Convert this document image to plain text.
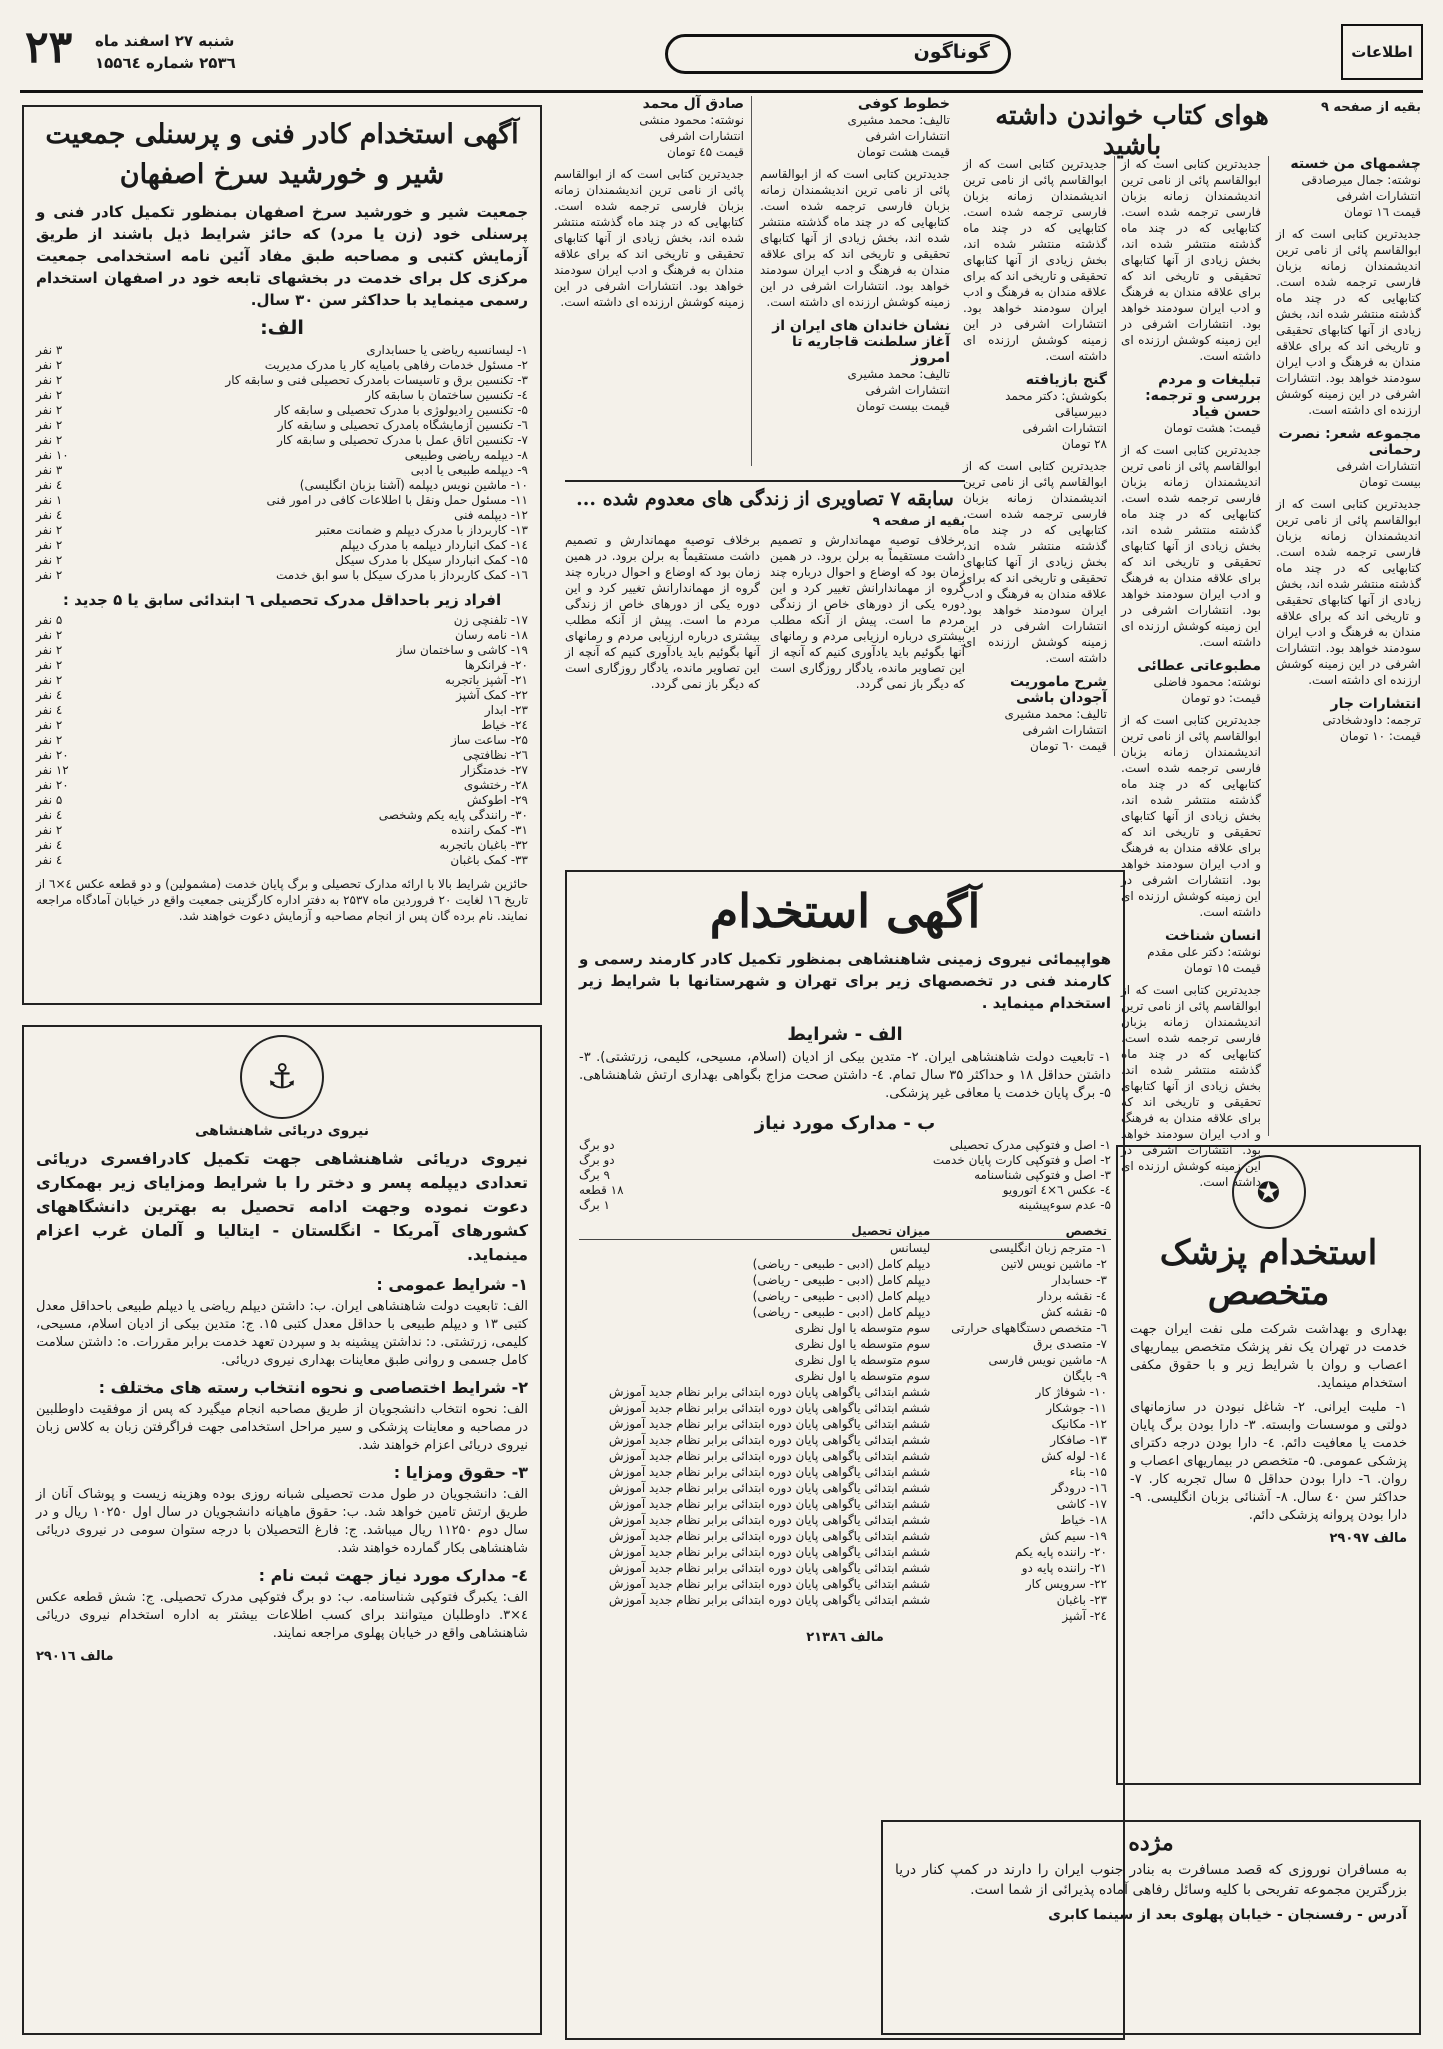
۲۳ شنبه ۲۷ اسفند ماه
۲۵۳٦ شماره ۱۵۵٦٤	گوناگون	اطلاعات
بقیه از صفحه ۹
هوای کتاب خواندن داشته باشید
چشمهای من خسته
نوشته: جمال میرصادقی
انتشارات اشرفی
قیمت ۱٦ تومان
جدیدترین کتابی است که از ابوالقاسم پائی از نامی ترین اندیشمندان زمانه بزبان فارسی ترجمه شده است. کتابهایی که در چند ماه گذشته منتشر شده اند، بخش زیادی از آنها کتابهای تحقیقی و تاریخی اند که برای علاقه مندان به فرهنگ و ادب ایران سودمند خواهد بود. انتشارات اشرفی در این زمینه کوشش ارزنده ای داشته است.
مجموعه شعر: نصرت رحمانی
انتشارات اشرفی
بیست تومان
جدیدترین کتابی است که از ابوالقاسم پائی از نامی ترین اندیشمندان زمانه بزبان فارسی ترجمه شده است. کتابهایی که در چند ماه گذشته منتشر شده اند، بخش زیادی از آنها کتابهای تحقیقی و تاریخی اند که برای علاقه مندان به فرهنگ و ادب ایران سودمند خواهد بود. انتشارات اشرفی در این زمینه کوشش ارزنده ای داشته است.
انتشارات جار
ترجمه: داودشخادتی
قیمت: ۱۰ تومان
جدیدترین کتابی است که از ابوالقاسم پائی از نامی ترین اندیشمندان زمانه بزبان فارسی ترجمه شده است. کتابهایی که در چند ماه گذشته منتشر شده اند، بخش زیادی از آنها کتابهای تحقیقی و تاریخی اند که برای علاقه مندان به فرهنگ و ادب ایران سودمند خواهد بود. انتشارات اشرفی در این زمینه کوشش ارزنده ای داشته است.
تبلیغات و مردم بررسی و ترجمه: حسن فیاد
قیمت: هشت تومان
جدیدترین کتابی است که از ابوالقاسم پائی از نامی ترین اندیشمندان زمانه بزبان فارسی ترجمه شده است. کتابهایی که در چند ماه گذشته منتشر شده اند، بخش زیادی از آنها کتابهای تحقیقی و تاریخی اند که برای علاقه مندان به فرهنگ و ادب ایران سودمند خواهد بود. انتشارات اشرفی در این زمینه کوشش ارزنده ای داشته است.
مطبوعاتی عطائی
نوشته: محمود فاضلی
قیمت: دو تومان
جدیدترین کتابی است که از ابوالقاسم پائی از نامی ترین اندیشمندان زمانه بزبان فارسی ترجمه شده است. کتابهایی که در چند ماه گذشته منتشر شده اند، بخش زیادی از آنها کتابهای تحقیقی و تاریخی اند که برای علاقه مندان به فرهنگ و ادب ایران سودمند خواهد بود. انتشارات اشرفی در این زمینه کوشش ارزنده ای داشته است.
انسان شناخت
نوشته: دکتر علی مقدم
قیمت ۱۵ تومان
جدیدترین کتابی است که از ابوالقاسم پائی از نامی ترین اندیشمندان زمانه بزبان فارسی ترجمه شده است. کتابهایی که در چند ماه گذشته منتشر شده اند، بخش زیادی از آنها کتابهای تحقیقی و تاریخی اند که برای علاقه مندان به فرهنگ و ادب ایران سودمند خواهد بود. انتشارات اشرفی در این زمینه کوشش ارزنده ای داشته است.
جدیدترین کتابی است که از ابوالقاسم پائی از نامی ترین اندیشمندان زمانه بزبان فارسی ترجمه شده است. کتابهایی که در چند ماه گذشته منتشر شده اند، بخش زیادی از آنها کتابهای تحقیقی و تاریخی اند که برای علاقه مندان به فرهنگ و ادب ایران سودمند خواهد بود. انتشارات اشرفی در این زمینه کوشش ارزنده ای داشته است.
گنج بازیافته
بکوشش: دکتر محمد دبیرسیاقی
انتشارات اشرفی
۲۸ تومان
جدیدترین کتابی است که از ابوالقاسم پائی از نامی ترین اندیشمندان زمانه بزبان فارسی ترجمه شده است. کتابهایی که در چند ماه گذشته منتشر شده اند، بخش زیادی از آنها کتابهای تحقیقی و تاریخی اند که برای علاقه مندان به فرهنگ و ادب ایران سودمند خواهد بود. انتشارات اشرفی در این زمینه کوشش ارزنده ای داشته است.
شرح ماموریت آجودان باشی
تالیف: محمد مشیری
انتشارات اشرفی
قیمت ٦۰ تومان
خطوط کوفی
تالیف: محمد مشیری
انتشارات اشرفی
قیمت هشت تومان
جدیدترین کتابی است که از ابوالقاسم پائی از نامی ترین اندیشمندان زمانه بزبان فارسی ترجمه شده است. کتابهایی که در چند ماه گذشته منتشر شده اند، بخش زیادی از آنها کتابهای تحقیقی و تاریخی اند که برای علاقه مندان به فرهنگ و ادب ایران سودمند خواهد بود. انتشارات اشرفی در این زمینه کوشش ارزنده ای داشته است.
نشان خاندان های ایران از آغاز سلطنت قاجاریه تا امروز
تالیف: محمد مشیری
انتشارات اشرفی
قیمت بیست تومان
صادق آل محمد
نوشته: محمود منشی
انتشارات اشرفی
قیمت ٤۵ تومان
جدیدترین کتابی است که از ابوالقاسم پائی از نامی ترین اندیشمندان زمانه بزبان فارسی ترجمه شده است. کتابهایی که در چند ماه گذشته منتشر شده اند، بخش زیادی از آنها کتابهای تحقیقی و تاریخی اند که برای علاقه مندان به فرهنگ و ادب ایران سودمند خواهد بود. انتشارات اشرفی در این زمینه کوشش ارزنده ای داشته است.
سابقه ۷ تصاویری از زندگی های معدوم شده ...
بقیه از صفحه ۹
برخلاف توصیه مهماندارش و تصمیم داشت مستقیماً به برلن برود. در همین زمان بود که اوضاع و احوال درباره چند گروه از مهماندارانش تغییر کرد و این دوره یکی از دورهای خاص از زندگی مردم ما است. پیش از آنکه مطلب بیشتری درباره ارزیابی مردم و رمانهای آنها بگوئیم باید یادآوری کنیم که آنچه از این تصاویر مانده، یادگار روزگاری است که دیگر باز نمی گردد.
برخلاف توصیه مهماندارش و تصمیم داشت مستقیماً به برلن برود. در همین زمان بود که اوضاع و احوال درباره چند گروه از مهماندارانش تغییر کرد و این دوره یکی از دورهای خاص از زندگی مردم ما است. پیش از آنکه مطلب بیشتری درباره ارزیابی مردم و رمانهای آنها بگوئیم باید یادآوری کنیم که آنچه از این تصاویر مانده، یادگار روزگاری است که دیگر باز نمی گردد.
آگهی استخدام
هواپیمائی نیروی زمینی شاهنشاهی بمنظور تکمیل کادر کارمند رسمی و کارمند فنی در تخصصهای زیر برای تهران و شهرستانها با شرایط زیر استخدام مینماید .
الف - شرایط
۱- تابعیت دولت شاهنشاهی ایران. ۲- متدین بیکی از ادیان (اسلام، مسیحی، کلیمی، زرتشتی). ۳- داشتن حداقل ۱۸ و حداکثر ۳۵ سال تمام. ٤- داشتن صحت مزاج بگواهی بهداری ارتش شاهنشاهی. ۵- برگ پایان خدمت یا معافی غیر پزشکی.
ب - مدارک مورد نیاز
۱- اصل و فتوکپی مدرک تحصیلی
دو برگ
۲- اصل و فتوکپی کارت پایان خدمت
دو برگ
۳- اصل و فتوکپی شناسنامه
۹ برگ
٤- عکس ٦×٤ اتورویو
۱۸ قطعه
۵- عدم سوءپیشینه
۱ برگ
تخصص	میزان تحصیل
۱- مترجم زبان انگلیسی	لیسانس
۲- ماشین نویس لاتین	دیپلم کامل (ادبی - طبیعی - ریاضی)
۳- حسابدار	دیپلم کامل (ادبی - طبیعی - ریاضی)
٤- نقشه بردار	دیپلم کامل (ادبی - طبیعی - ریاضی)
۵- نقشه کش	دیپلم کامل (ادبی - طبیعی - ریاضی)
٦- متخصص دستگاههای حرارتی	سوم متوسطه یا اول نظری
۷- متصدی برق	سوم متوسطه یا اول نظری
۸- ماشین نویس فارسی	سوم متوسطه یا اول نظری
۹- بایگان	سوم متوسطه یا اول نظری
۱۰- شوفاژ کار	ششم ابتدائی یاگواهی پایان دوره ابتدائی برابر نظام جدید آموزش
۱۱- جوشکار	ششم ابتدائی یاگواهی پایان دوره ابتدائی برابر نظام جدید آموزش
۱۲- مکانیک	ششم ابتدائی یاگواهی پایان دوره ابتدائی برابر نظام جدید آموزش
۱۳- صافکار	ششم ابتدائی یاگواهی پایان دوره ابتدائی برابر نظام جدید آموزش
۱٤- لوله کش	ششم ابتدائی یاگواهی پایان دوره ابتدائی برابر نظام جدید آموزش
۱۵- بناء	ششم ابتدائی یاگواهی پایان دوره ابتدائی برابر نظام جدید آموزش
۱٦- درودگر	ششم ابتدائی یاگواهی پایان دوره ابتدائی برابر نظام جدید آموزش
۱۷- کاشی	ششم ابتدائی یاگواهی پایان دوره ابتدائی برابر نظام جدید آموزش
۱۸- خیاط	ششم ابتدائی یاگواهی پایان دوره ابتدائی برابر نظام جدید آموزش
۱۹- سیم کش	ششم ابتدائی یاگواهی پایان دوره ابتدائی برابر نظام جدید آموزش
۲۰- راننده پایه یکم	ششم ابتدائی یاگواهی پایان دوره ابتدائی برابر نظام جدید آموزش
۲۱- راننده پایه دو	ششم ابتدائی یاگواهی پایان دوره ابتدائی برابر نظام جدید آموزش
۲۲- سرویس کار	ششم ابتدائی یاگواهی پایان دوره ابتدائی برابر نظام جدید آموزش
۲۳- باغبان	ششم ابتدائی یاگواهی پایان دوره ابتدائی برابر نظام جدید آموزش
۲٤- آشپز	
مالف ۲۱۳۸٦
✪
استخدام پزشک
متخصص
بهداری و بهداشت شرکت ملی نفت ایران جهت خدمت در تهران یک نفر پزشک متخصص بیماریهای اعصاب و روان با شرایط زیر و با حقوق مکفی استخدام مینماید.
۱- ملیت ایرانی. ۲- شاغل نبودن در سازمانهای دولتی و موسسات وابسته. ۳- دارا بودن برگ پایان خدمت یا معافیت دائم. ٤- دارا بودن درجه دکترای پزشکی عمومی. ۵- متخصص در بیماریهای اعصاب و روان. ٦- دارا بودن حداقل ۵ سال تجربه کار. ۷- حداکثر سن ٤۰ سال. ۸- آشنائی بزبان انگلیسی. ۹- دارا بودن پروانه پزشکی دائم.
مالف ۲۹۰۹۷
مژده
به مسافران نوروزی که قصد مسافرت به بنادر جنوب ایران را دارند در کمپ کنار دریا بزرگترین مجموعه تفریحی با کلیه وسائل رفاهی آماده پذیرائی از شما است.
آدرس - رفسنجان - خیابان پهلوی بعد از سینما کابری
آگهی استخدام کادر فنی و پرسنلی جمعیت شیر و خورشید سرخ اصفهان
جمعیت شیر و خورشید سرخ اصفهان بمنظور تکمیل کادر فنی و پرسنلی خود (زن یا مرد) که حائز شرایط ذیل باشند از طریق آزمایش کتبی و مصاحبه طبق مفاد آئین نامه استخدامی جمعیت مرکزی کل برای خدمت در بخشهای تابعه خود در اصفهان استخدام رسمی مینماید با حداکثر سن ۳۰ سال.
الف:
۱- لیسانسیه ریاضی یا حسابداری
۳ نفر
۲- مسئول خدمات رفاهی بامیایه کار یا مدرک مدیریت
۲ نفر
۳- تکنسین برق و تاسیسات بامدرک تحصیلی فنی و سابقه کار
۲ نفر
٤- تکنسین ساختمان با سابقه کار
۲ نفر
۵- تکنسین رادیولوژی با مدرک تحصیلی و سابقه کار
۲ نفر
٦- تکنسین آزمایشگاه بامدرک تحصیلی و سابقه کار
۲ نفر
۷- تکنسین اتاق عمل با مدرک تحصیلی و سابقه کار
۲ نفر
۸- دیپلمه ریاضی وطبیعی
۱۰ نفر
۹- دیپلمه طبیعی یا ادبی
۳ نفر
۱۰- ماشین نویس دیپلمه (آشنا بزبان انگلیسی)
٤ نفر
۱۱- مسئول حمل ونقل با اطلاعات کافی در امور فنی
۱ نفر
۱۲- دیپلمه فنی
٤ نفر
۱۳- کاربرداز با مدرک دیپلم و ضمانت معتبر
۲ نفر
۱٤- کمک انباردار دیپلمه با مدرک دیپلم
۲ نفر
۱۵- کمک انباردار سیکل با مدرک سیکل
۲ نفر
۱٦- کمک کاربرداز با مدرک سیکل با سو ابق خدمت
۲ نفر
افراد زیر باحداقل مدرک تحصیلی ٦ ابتدائی سابق یا ۵ جدید :
۱۷- تلفنچی زن
۵ نفر
۱۸- نامه رسان
۲ نفر
۱۹- کاشی و ساختمان ساز
۲ نفر
۲۰- فرانکرها
۲ نفر
۲۱- آشپز باتجربه
۲ نفر
۲۲- کمک آشپز
٤ نفر
۲۳- ابدار
٤ نفر
۲٤- خیاط
۲ نفر
۲۵- ساعت ساز
۲ نفر
۲٦- نظافتچی
۲۰ نفر
۲۷- خدمتگزار
۱۲ نفر
۲۸- رختشوی
۲۰ نفر
۲۹- اطوکش
۵ نفر
۳۰- رانندگی پایه یکم وشخصی
٤ نفر
۳۱- کمک راننده
۲ نفر
۳۲- باغبان باتجربه
٤ نفر
۳۳- کمک باغبان
٤ نفر
حائزین شرایط بالا با ارائه مدارک تحصیلی و برگ پایان خدمت (مشمولین) و دو قطعه عکس ٤×٦ از تاریخ ۱٦ لغایت ۲۰ فروردین ماه ۲۵۳۷ به دفتر اداره کارگزینی جمعیت واقع در خیابان آمادگاه مراجعه نمایند. نام برده گان پس از انجام مصاحبه و آزمایش دعوت خواهند شد.
⚓
نیروی دریائی شاهنشاهی
نیروی دریائی شاهنشاهی جهت تکمیل کادرافسری دریائی تعدادی دیپلمه پسر و دختر را با شرایط ومزایای زیر بهمکاری دعوت نموده وجهت ادامه تحصیل به بهترین دانشگاههای کشورهای آمریکا - انگلستان - ایتالیا و آلمان غرب اعزام مینماید.
۱- شرایط عمومی :
الف: تابعیت دولت شاهنشاهی ایران. ب: داشتن دیپلم ریاضی یا دیپلم طبیعی باحداقل معدل کتبی ۱۳ و دیپلم طبیعی با حداقل معدل کتبی ۱۵. ج: متدین بیکی از ادیان اسلام، مسیحی، کلیمی، زرتشتی. د: نداشتن پیشینه بد و سپردن تعهد خدمت برابر مقررات. ه: داشتن سلامت کامل جسمی و روانی طبق معاینات بهداری نیروی دریائی.
۲- شرایط اختصاصی و نحوه انتخاب رسته های مختلف :
الف: نحوه انتخاب دانشجویان از طریق مصاحبه انجام میگیرد که پس از موفقیت داوطلبین در مصاحبه و معاینات پزشکی و سیر مراحل استخدامی جهت فراگرفتن زبان به کلاس زبان نیروی دریائی اعزام خواهند شد.
۳- حقوق ومزایا :
الف: دانشجویان در طول مدت تحصیلی شبانه روزی بوده وهزینه زیست و پوشاک آنان از طریق ارتش تامین خواهد شد. ب: حقوق ماهیانه دانشجویان در سال اول ۱۰۲۵۰ ریال و در سال دوم ۱۱۲۵۰ ریال میباشد. ج: فارغ التحصیلان با درجه ستوان سومی در نیروی دریائی شاهنشاهی بکار گمارده خواهند شد.
٤- مدارک مورد نیاز جهت ثبت نام :
الف: یکبرگ فتوکپی شناسنامه. ب: دو برگ فتوکپی مدرک تحصیلی. ج: شش قطعه عکس ٤×۳. داوطلبان میتوانند برای کسب اطلاعات بیشتر به اداره استخدام نیروی دریائی شاهنشاهی واقع در خیابان پهلوی مراجعه نمایند.
مالف ۲۹۰۱٦
